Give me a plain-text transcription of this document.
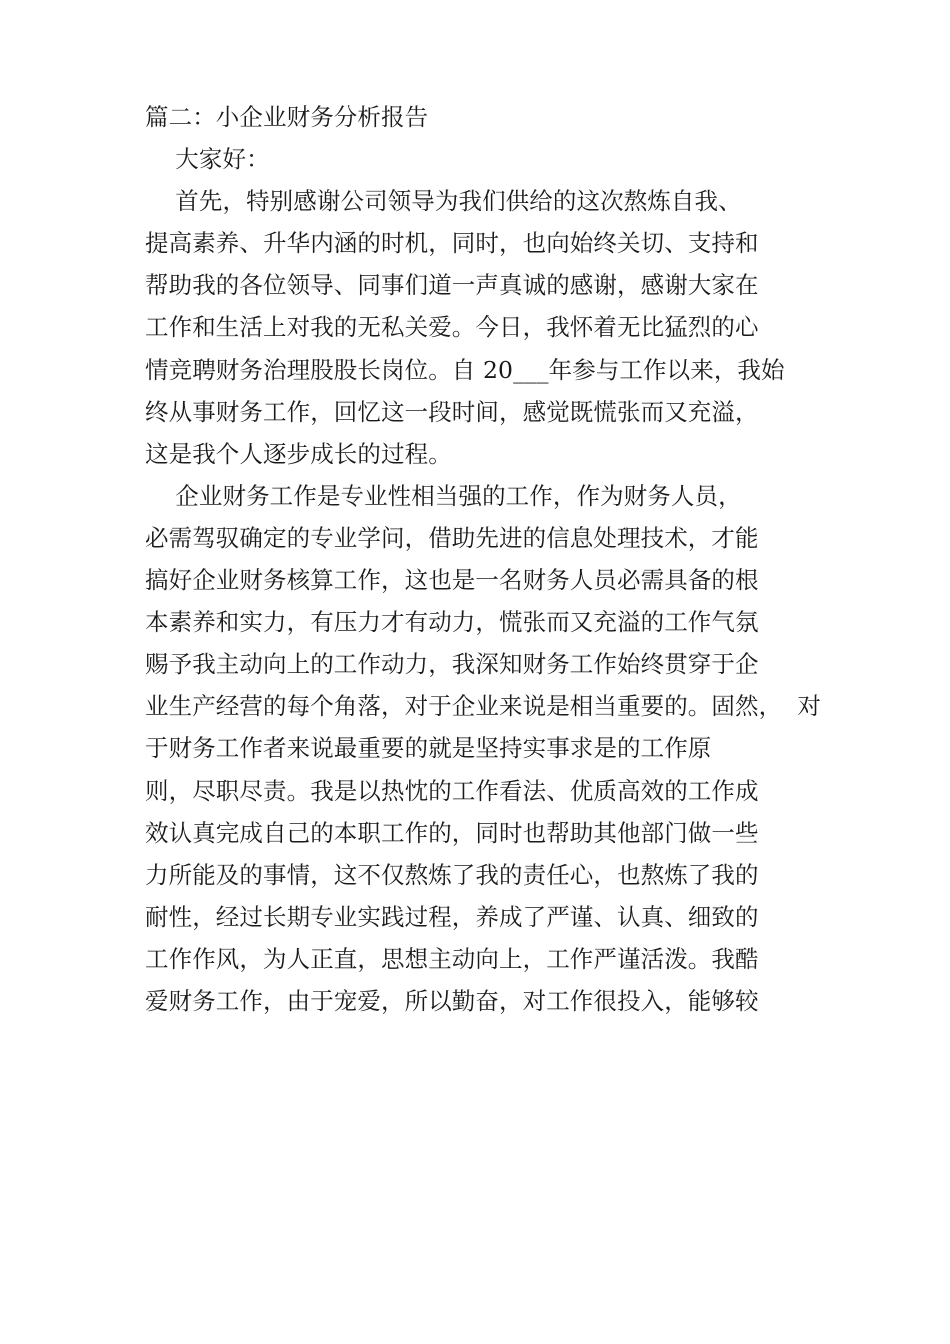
篇二：小企业财务分析报告
大家好：
首先，特别感谢公司领导为我们供给的这次熬炼自我、
提高素养、升华内涵的时机，同时，也向始终关切、支持和
帮助我的各位领导、同事们道一声真诚的感谢，感谢大家在
工作和生活上对我的无私关爱。今日，我怀着无比猛烈的心
情竞聘财务治理股股长岗位。自 20___年参与工作以来，我始
终从事财务工作，回忆这一段时间，感觉既慌张而又充溢，
这是我个人逐步成长的过程。
企业财务工作是专业性相当强的工作，作为财务人员，
必需驾驭确定的专业学问，借助先进的信息处理技术，才能
搞好企业财务核算工作，这也是一名财务人员必需具备的根
本素养和实力，有压力才有动力，慌张而又充溢的工作气氛
赐予我主动向上的工作动力，我深知财务工作始终贯穿于企
业生产经营的每个角落，对于企业来说是相当重要的。固然，  对
于财务工作者来说最重要的就是坚持实事求是的工作原
则，尽职尽责。我是以热忱的工作看法、优质高效的工作成
效认真完成自己的本职工作的，同时也帮助其他部门做一些
力所能及的事情，这不仅熬炼了我的责任心，也熬炼了我的
耐性，经过长期专业实践过程，养成了严谨、认真、细致的
工作作风，为人正直，思想主动向上，工作严谨活泼。我酷
爱财务工作，由于宠爱，所以勤奋，对工作很投入，能够较
